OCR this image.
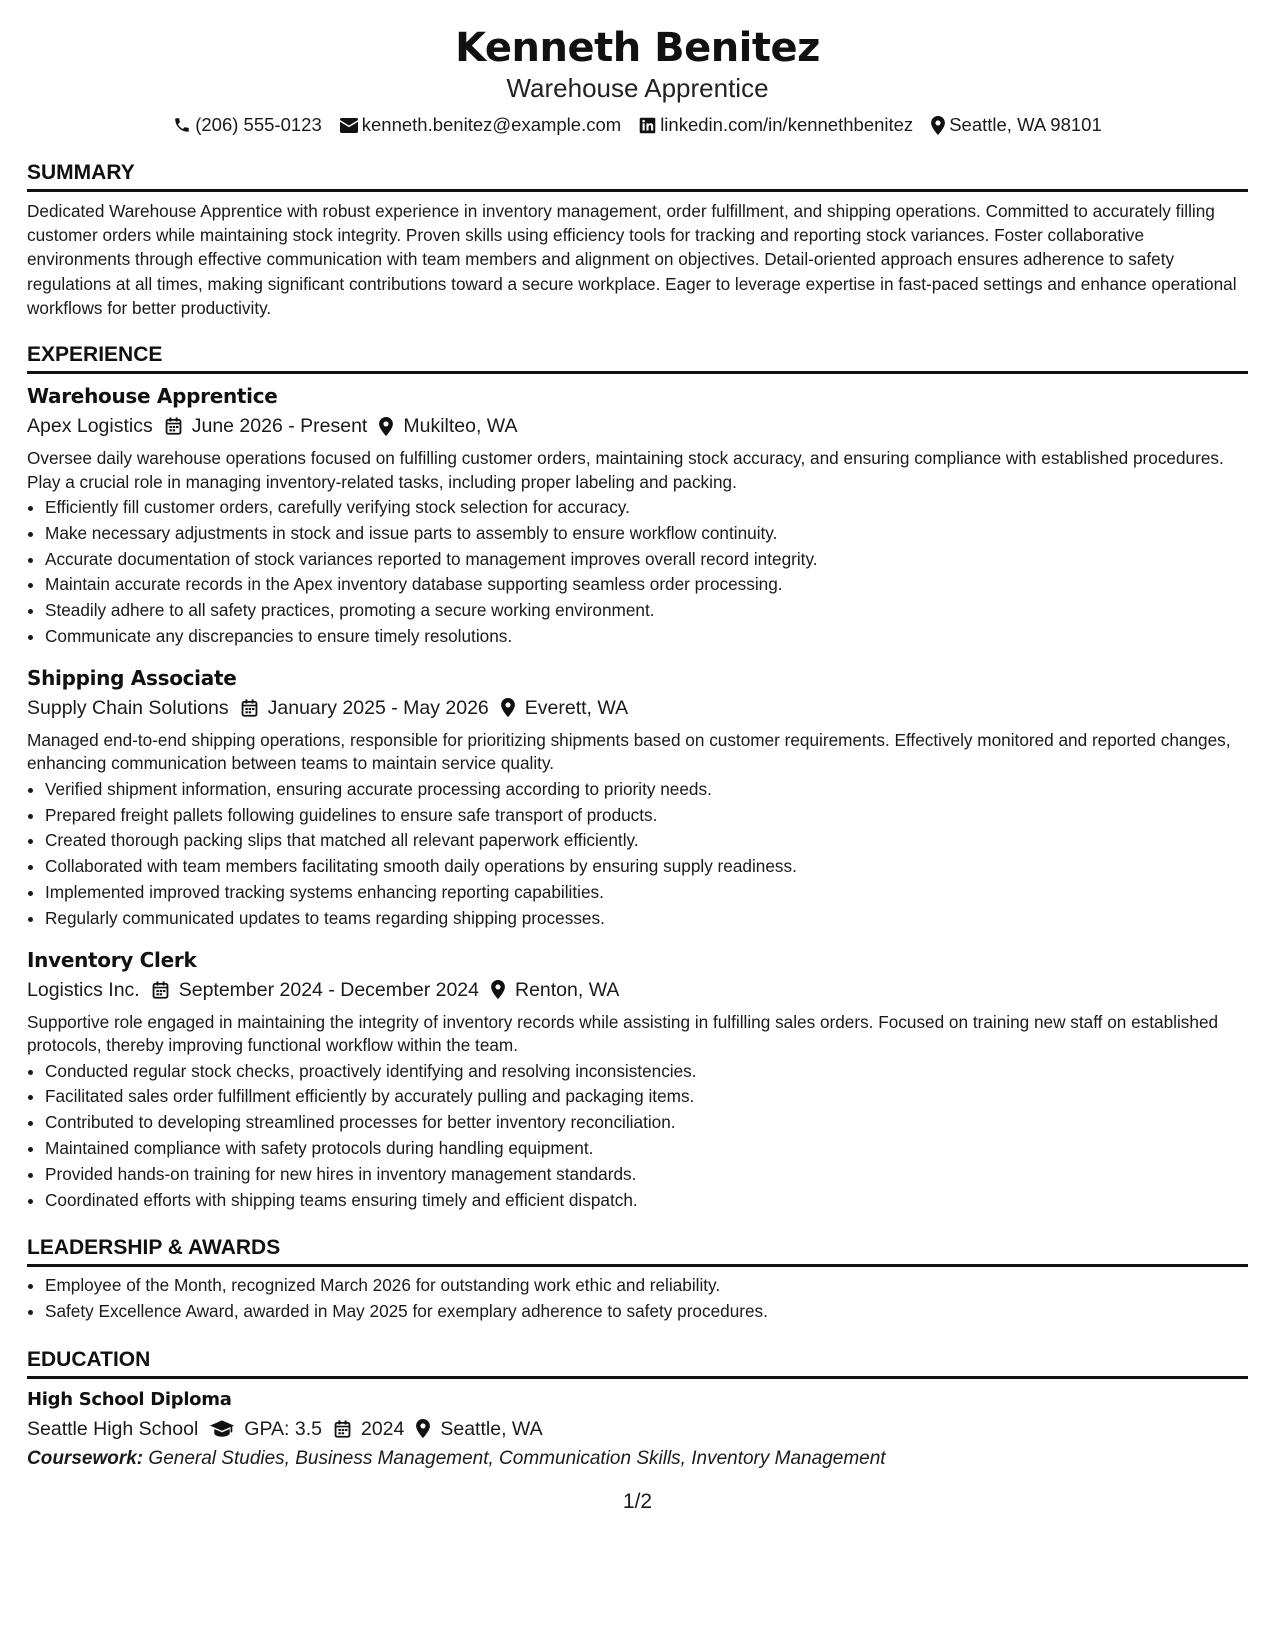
Kenneth Benitez
Warehouse Apprentice
(206) 555-0123 kenneth.benitez@example.com linkedin.com/in/kennethbenitez Seattle, WA 98101
SUMMARY
Dedicated Warehouse Apprentice with robust experience in inventory management, order fulfillment, and shipping operations. Committed to accurately filling customer orders while maintaining stock integrity. Proven skills using efficiency tools for tracking and reporting stock variances. Foster collaborative environments through effective communication with team members and alignment on objectives. Detail-oriented approach ensures adherence to safety regulations at all times, making significant contributions toward a secure workplace. Eager to leverage expertise in fast-paced settings and enhance operational workflows for better productivity.
EXPERIENCE
Warehouse Apprentice
Apex Logistics June 2026 - Present Mukilteo, WA
Oversee daily warehouse operations focused on fulfilling customer orders, maintaining stock accuracy, and ensuring compliance with established procedures. Play a crucial role in managing inventory-related tasks, including proper labeling and packing.
• Efficiently fill customer orders, carefully verifying stock selection for accuracy.
• Make necessary adjustments in stock and issue parts to assembly to ensure workflow continuity.
• Accurate documentation of stock variances reported to management improves overall record integrity.
• Maintain accurate records in the Apex inventory database supporting seamless order processing.
• Steadily adhere to all safety practices, promoting a secure working environment.
• Communicate any discrepancies to ensure timely resolutions.
Shipping Associate
Supply Chain Solutions January 2025 - May 2026 Everett, WA
Managed end-to-end shipping operations, responsible for prioritizing shipments based on customer requirements. Effectively monitored and reported changes, enhancing communication between teams to maintain service quality.
• Verified shipment information, ensuring accurate processing according to priority needs.
• Prepared freight pallets following guidelines to ensure safe transport of products.
• Created thorough packing slips that matched all relevant paperwork efficiently.
• Collaborated with team members facilitating smooth daily operations by ensuring supply readiness.
• Implemented improved tracking systems enhancing reporting capabilities.
• Regularly communicated updates to teams regarding shipping processes.
Inventory Clerk
Logistics Inc. September 2024 - December 2024 Renton, WA
Supportive role engaged in maintaining the integrity of inventory records while assisting in fulfilling sales orders. Focused on training new staff on established protocols, thereby improving functional workflow within the team.
• Conducted regular stock checks, proactively identifying and resolving inconsistencies.
• Facilitated sales order fulfillment efficiently by accurately pulling and packaging items.
• Contributed to developing streamlined processes for better inventory reconciliation.
• Maintained compliance with safety protocols during handling equipment.
• Provided hands-on training for new hires in inventory management standards.
• Coordinated efforts with shipping teams ensuring timely and efficient dispatch.
LEADERSHIP & AWARDS
• Employee of the Month, recognized March 2026 for outstanding work ethic and reliability.
• Safety Excellence Award, awarded in May 2025 for exemplary adherence to safety procedures.
EDUCATION
High School Diploma
Seattle High School GPA: 3.5 2024 Seattle, WA
Coursework: General Studies, Business Management, Communication Skills, Inventory Management
1/2
